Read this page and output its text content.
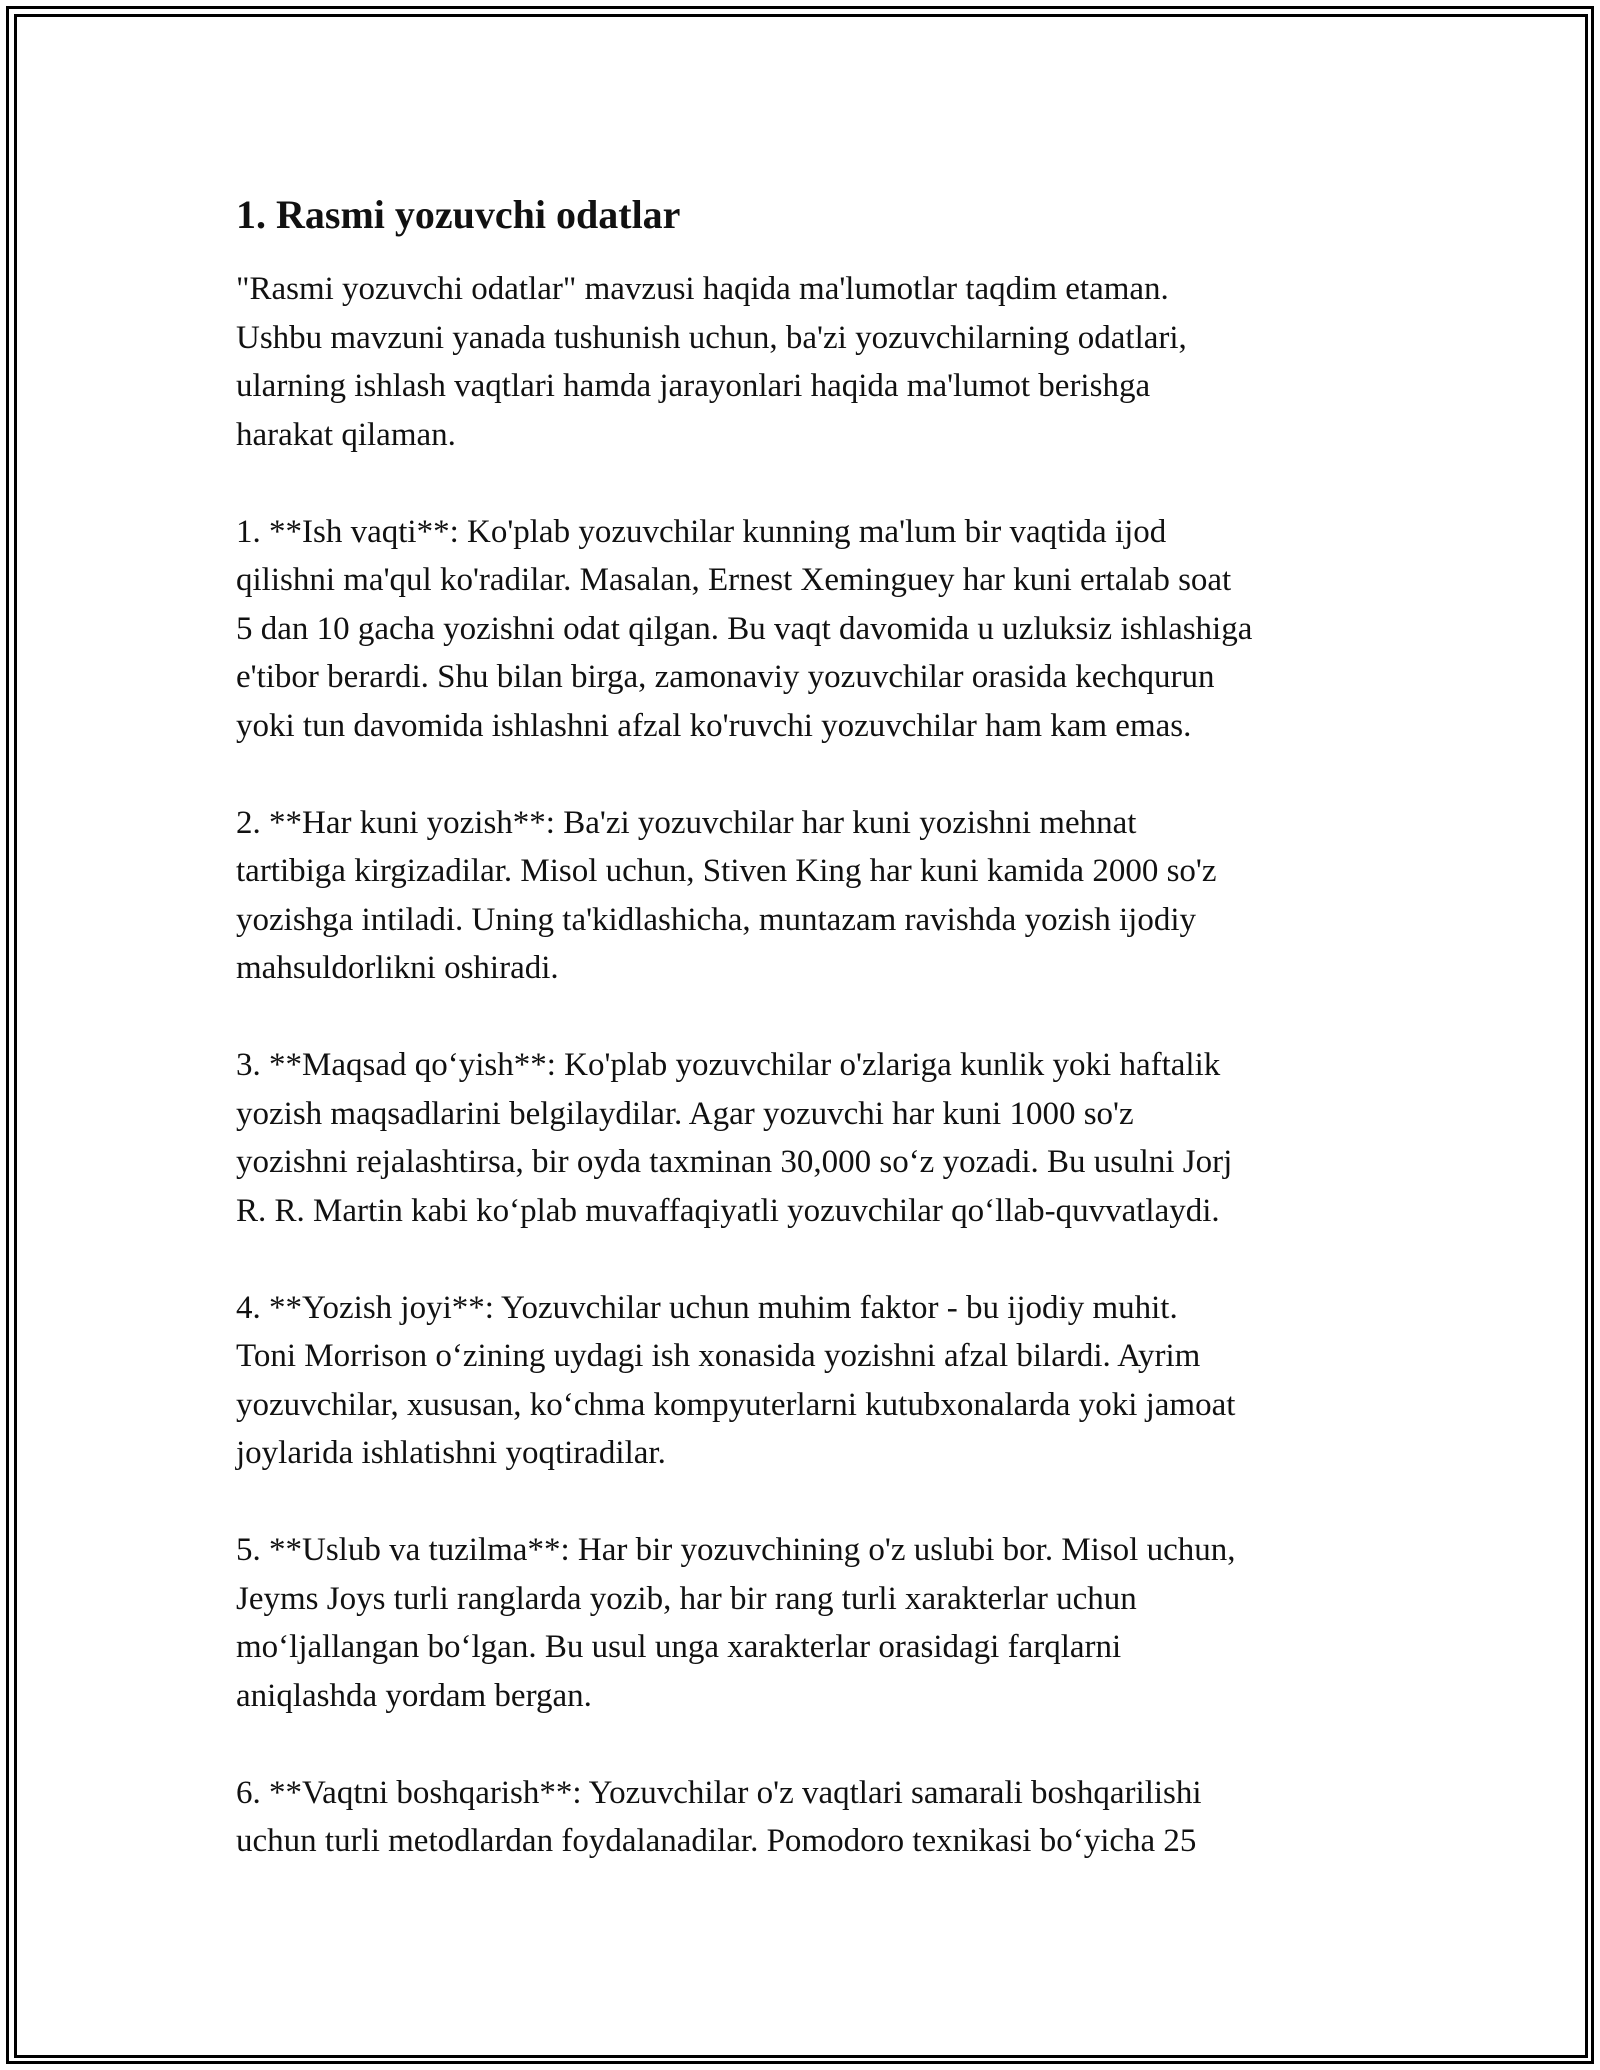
1. Rasmi yozuvchi odatlar

"Rasmi yozuvchi odatlar" mavzusi haqida ma'lumotlar taqdim etaman.
Ushbu mavzuni yanada tushunish uchun, ba'zi yozuvchilarning odatlari,
ularning ishlash vaqtlari hamda jarayonlari haqida ma'lumot berishga
harakat qilaman.

1. **Ish vaqti**: Ko'plab yozuvchilar kunning ma'lum bir vaqtida ijod
qilishni ma'qul ko'radilar. Masalan, Ernest Xeminguey har kuni ertalab soat
5 dan 10 gacha yozishni odat qilgan. Bu vaqt davomida u uzluksiz ishlashiga
e'tibor berardi. Shu bilan birga, zamonaviy yozuvchilar orasida kechqurun
yoki tun davomida ishlashni afzal ko'ruvchi yozuvchilar ham kam emas.

2. **Har kuni yozish**: Ba'zi yozuvchilar har kuni yozishni mehnat
tartibiga kirgizadilar. Misol uchun, Stiven King har kuni kamida 2000 so'z
yozishga intiladi. Uning ta'kidlashicha, muntazam ravishda yozish ijodiy
mahsuldorlikni oshiradi.

3. **Maqsad qo‘yish**: Ko'plab yozuvchilar o'zlariga kunlik yoki haftalik
yozish maqsadlarini belgilaydilar. Agar yozuvchi har kuni 1000 so'z
yozishni rejalashtirsa, bir oyda taxminan 30,000 so‘z yozadi. Bu usulni Jorj
R. R. Martin kabi ko‘plab muvaffaqiyatli yozuvchilar qo‘llab-quvvatlaydi.

4. **Yozish joyi**: Yozuvchilar uchun muhim faktor - bu ijodiy muhit.
Toni Morrison o‘zining uydagi ish xonasida yozishni afzal bilardi. Ayrim
yozuvchilar, xususan, ko‘chma kompyuterlarni kutubxonalarda yoki jamoat
joylarida ishlatishni yoqtiradilar.

5. **Uslub va tuzilma**: Har bir yozuvchining o'z uslubi bor. Misol uchun,
Jeyms Joys turli ranglarda yozib, har bir rang turli xarakterlar uchun
mo‘ljallangan bo‘lgan. Bu usul unga xarakterlar orasidagi farqlarni
aniqlashda yordam bergan.

6. **Vaqtni boshqarish**: Yozuvchilar o'z vaqtlari samarali boshqarilishi
uchun turli metodlardan foydalanadilar. Pomodoro texnikasi bo‘yicha 25
